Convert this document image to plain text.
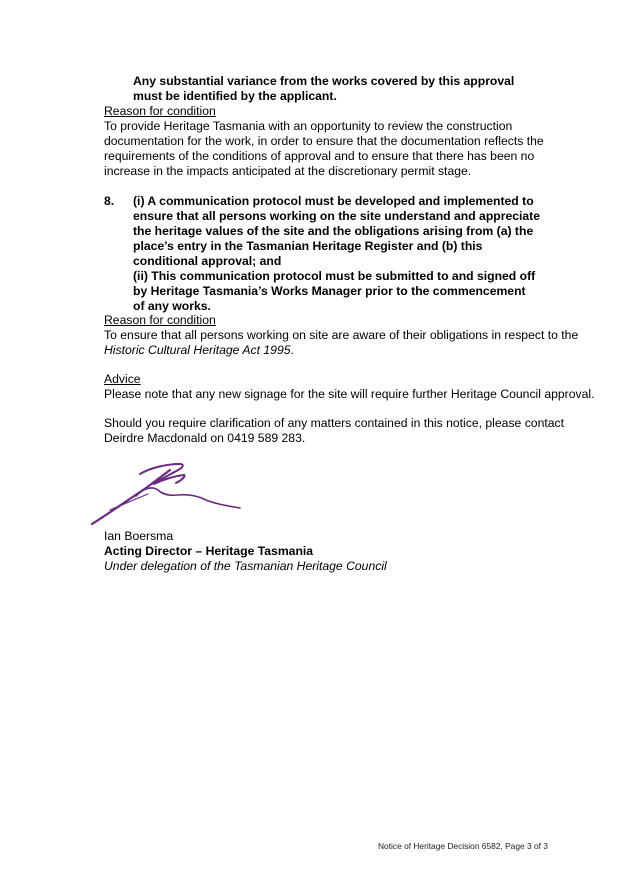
Any substantial variance from the works covered by this approval
must be identified by the applicant.
Reason for condition
To provide Heritage Tasmania with an opportunity to review the construction
documentation for the work, in order to ensure that the documentation reflects the
requirements of the conditions of approval and to ensure that there has been no
increase in the impacts anticipated at the discretionary permit stage.
8. (i) A communication protocol must be developed and implemented to
ensure that all persons working on the site understand and appreciate
the heritage values of the site and the obligations arising from (a) the
place’s entry in the Tasmanian Heritage Register and (b) this
conditional approval; and
(ii) This communication protocol must be submitted to and signed off
by Heritage Tasmania’s Works Manager prior to the commencement
of any works.
Reason for condition
To ensure that all persons working on site are aware of their obligations in respect to the
Historic Cultural Heritage Act 1995.
Advice
Please note that any new signage for the site will require further Heritage Council approval.
Should you require clarification of any matters contained in this notice, please contact
Deirdre Macdonald on 0419 589 283.
Ian Boersma
Acting Director – Heritage Tasmania
Under delegation of the Tasmanian Heritage Council
Notice of Heritage Decision 6582, Page 3 of 3
